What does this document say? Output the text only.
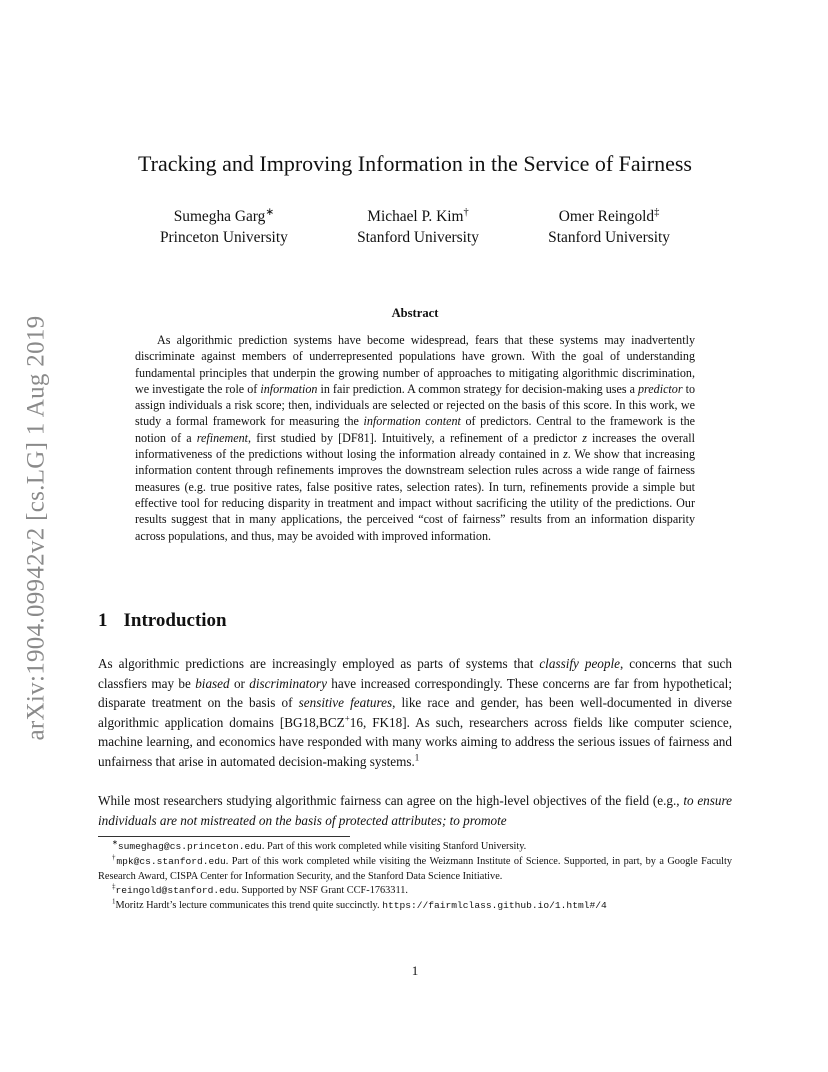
arXiv:1904.09942v2 [cs.LG] 1 Aug 2019
Tracking and Improving Information in the Service of Fairness
Sumegha Garg∗
Princeton University
Michael P. Kim†
Stanford University
Omer Reingold‡
Stanford University
Abstract
As algorithmic prediction systems have become widespread, fears that these systems may inadvertently discriminate against members of underrepresented populations have grown. With the goal of understanding fundamental principles that underpin the growing number of approaches to mitigating algorithmic discrimination, we investigate the role of information in fair prediction. A common strategy for decision-making uses a predictor to assign individuals a risk score; then, individuals are selected or rejected on the basis of this score. In this work, we study a formal framework for measuring the information content of predictors. Central to the framework is the notion of a refinement, first studied by [DF81]. Intuitively, a refinement of a predictor z increases the overall informativeness of the predictions without losing the information already contained in z. We show that increasing information content through refinements improves the downstream selection rules across a wide range of fairness measures (e.g. true positive rates, false positive rates, selection rates). In turn, refinements provide a simple but effective tool for reducing disparity in treatment and impact without sacrificing the utility of the predictions. Our results suggest that in many applications, the perceived “cost of fairness” results from an information disparity across populations, and thus, may be avoided with improved information.
1 Introduction
As algorithmic predictions are increasingly employed as parts of systems that classify people, concerns that such classfiers may be biased or discriminatory have increased correspondingly. These concerns are far from hypothetical; disparate treatment on the basis of sensitive features, like race and gender, has been well-documented in diverse algorithmic application domains [BG18,BCZ+16, FK18]. As such, researchers across fields like computer science, machine learning, and economics have responded with many works aiming to address the serious issues of fairness and unfairness that arise in automated decision-making systems.$^1$
While most researchers studying algorithmic fairness can agree on the high-level objectives of the field (e.g., to ensure individuals are not mistreated on the basis of protected attributes; to promote

∗sumeghag@cs.princeton.edu. Part of this work completed while visiting Stanford University.

†mpk@cs.stanford.edu. Part of this work completed while visiting the Weizmann Institute of Science. Supported, in part, by a Google Faculty Research Award, CISPA Center for Information Security, and the Stanford Data Science Initiative.

‡reingold@stanford.edu. Supported by NSF Grant CCF-1763311.

$^1$Moritz Hardt’s lecture communicates this trend quite succinctly. https://fairmlclass.github.io/1.html#/4

1
